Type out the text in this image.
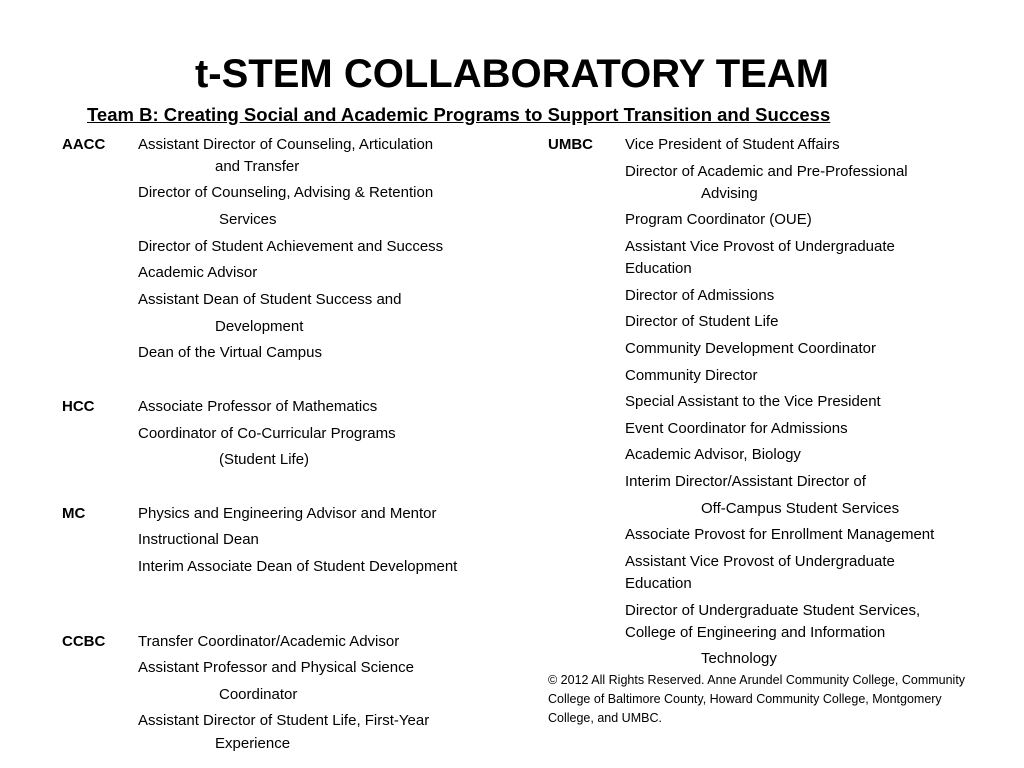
t-STEM COLLABORATORY TEAM
Team B: Creating Social and Academic Programs to Support Transition and Success
AACC Assistant Director of Counseling, Articulation
and Transfer
Director of Counseling, Advising & Retention
Services
Director of Student Achievement and Success
Academic Advisor
Assistant Dean of Student Success and
Development
Dean of the Virtual Campus
HCC	Associate Professor of Mathematics
Coordinator of Co-Curricular Programs
(Student Life)
MC	Physics and Engineering Advisor and Mentor
Instructional Dean
Interim Associate Dean of Student Development
CCBC Transfer Coordinator/Academic Advisor
Assistant Professor and Physical Science
Coordinator
Assistant Director of Student Life, First-Year
Experience
UMBC Vice President of Student Affairs
Director of Academic and Pre-Professional
Advising
Program Coordinator (OUE)
Assistant Vice Provost of Undergraduate
Education
Director of Admissions
Director of Student Life
Community Development Coordinator
Community Director
Special Assistant to the Vice President
Event Coordinator for Admissions
Academic Advisor, Biology
Interim Director/Assistant Director of
Off-Campus Student Services
Associate Provost for Enrollment Management
Assistant Vice Provost of Undergraduate
Education
Director of Undergraduate Student Services,
College of Engineering and Information
Technology
© 2012 All Rights Reserved. Anne Arundel Community College, Community College of Baltimore County, Howard Community College, Montgomery College, and UMBC.
